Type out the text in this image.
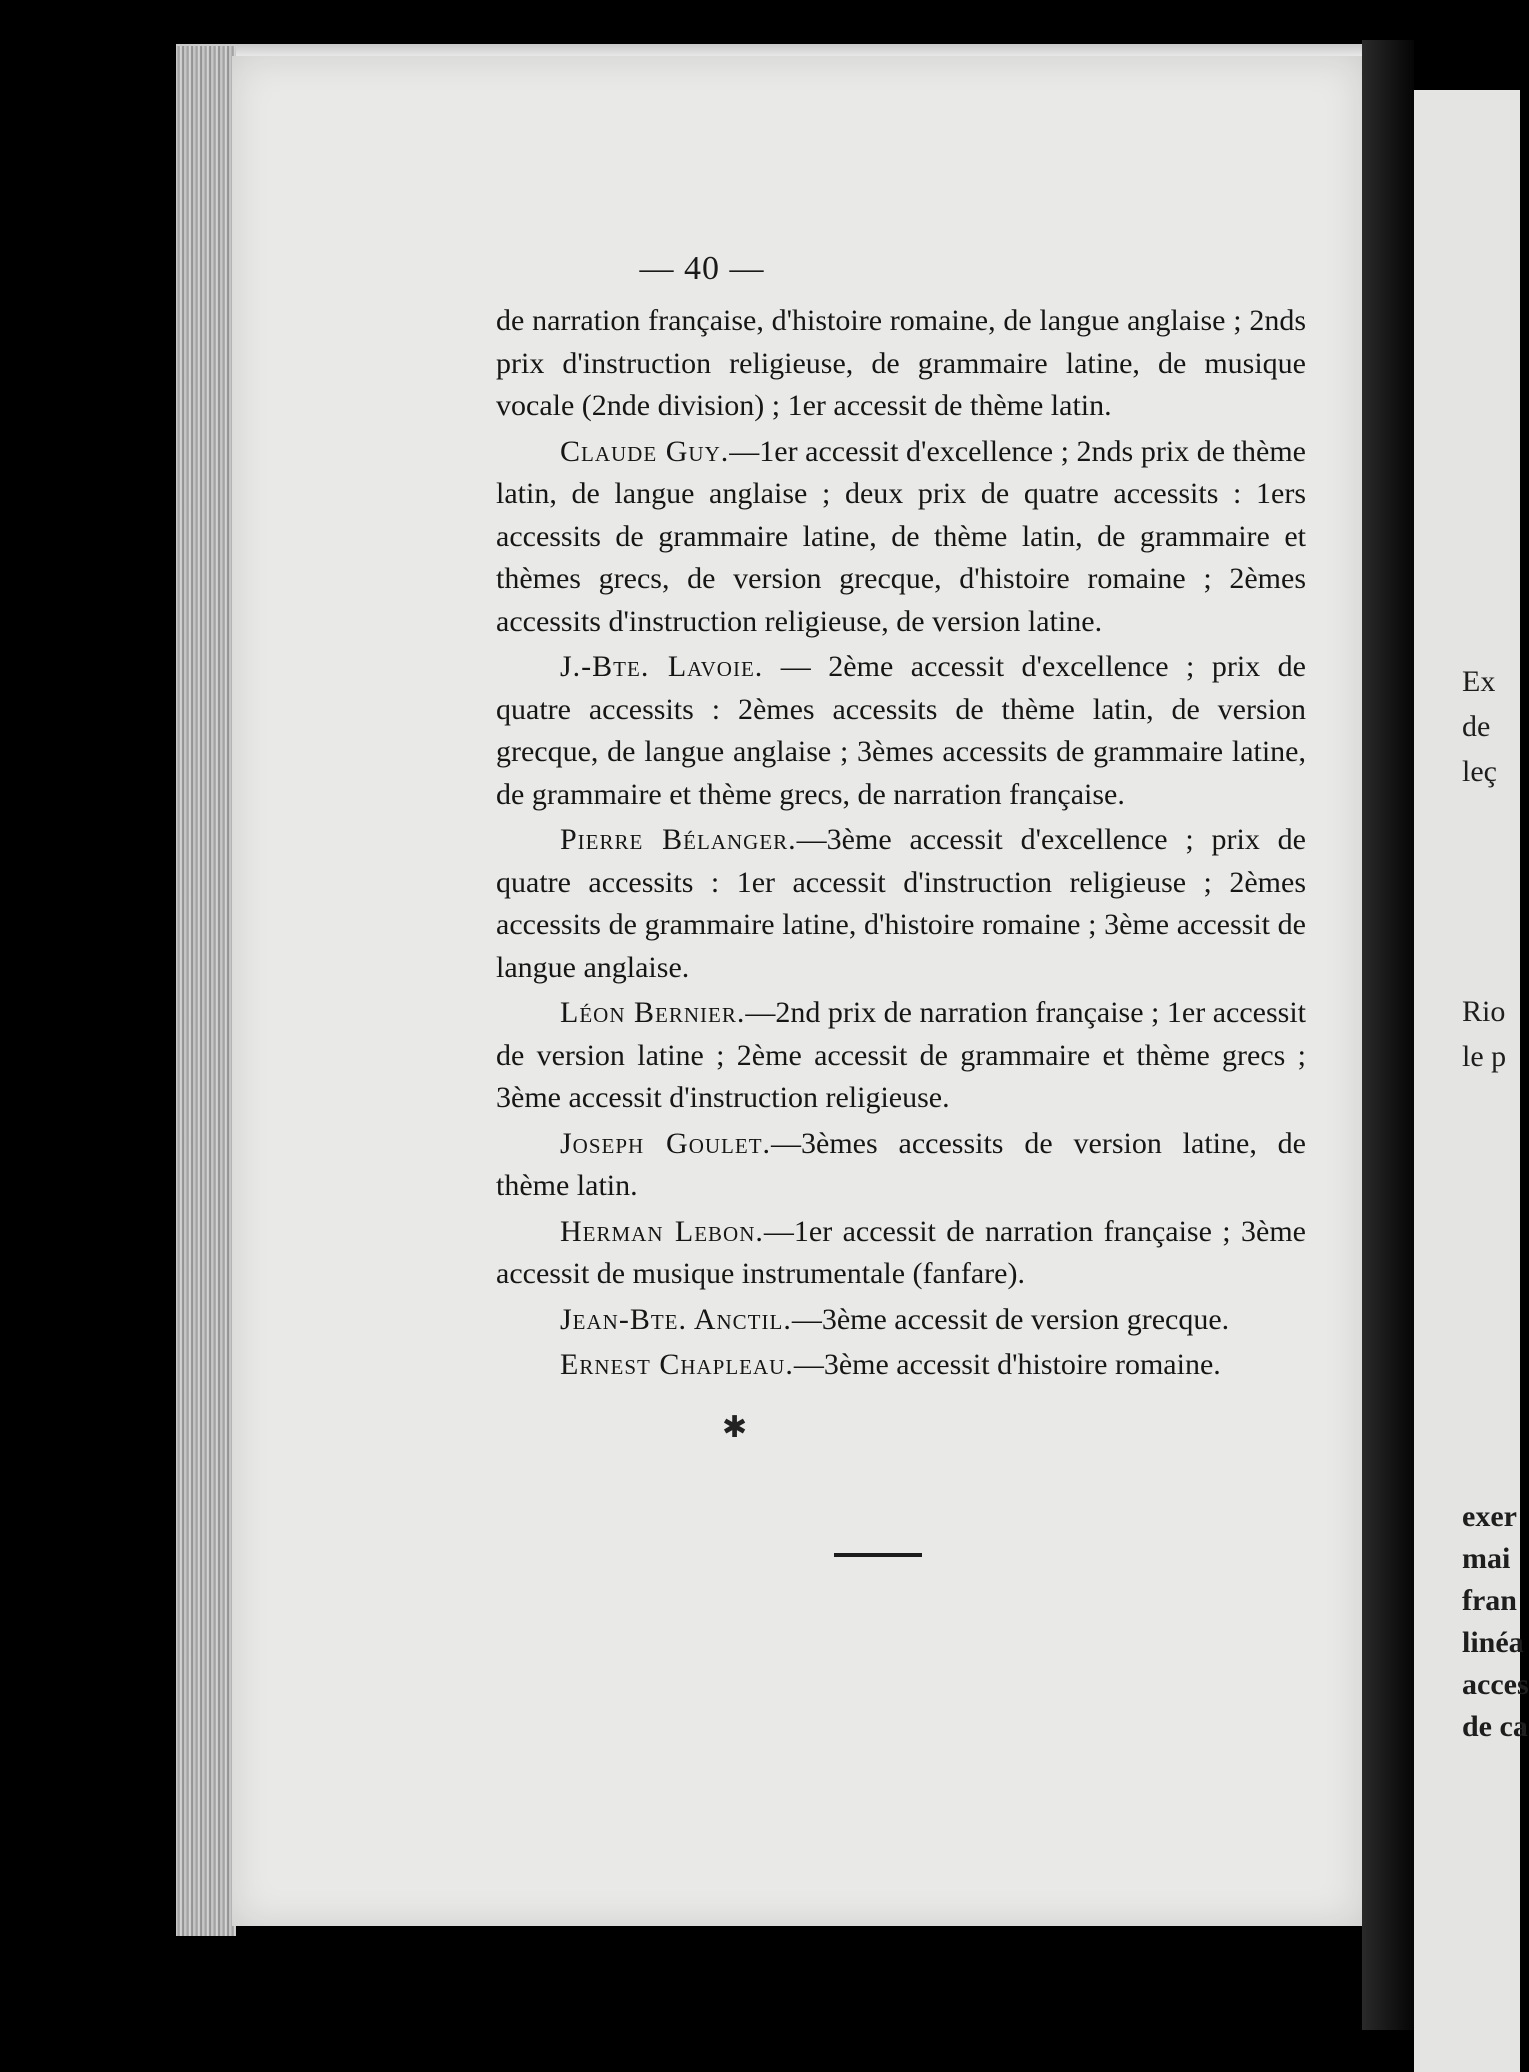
— 40 —

de narration française, d'histoire romaine, de langue anglaise ; 2nds prix d'instruction religieuse, de grammaire latine, de musique vocale (2nde division) ; 1er accessit de thème latin.

Claude Guy.—1er accessit d'excellence ; 2nds prix de thème latin, de langue anglaise ; deux prix de quatre accessits : 1ers accessits de grammaire latine, de thème latin, de grammaire et thèmes grecs, de version grecque, d'histoire romaine ; 2èmes accessits d'instruction religieuse, de version latine.

J.-Bte. Lavoie. — 2ème accessit d'excellence ; prix de quatre accessits : 2èmes accessits de thème latin, de version grecque, de langue anglaise ; 3èmes accessits de grammaire latine, de grammaire et thème grecs, de narration française.

Pierre Bélanger.—3ème accessit d'excellence ; prix de quatre accessits : 1er accessit d'instruction religieuse ; 2èmes accessits de grammaire latine, d'histoire romaine ; 3ème accessit de langue anglaise.

Léon Bernier.—2nd prix de narration française ; 1er accessit de version latine ; 2ème accessit de grammaire et thème grecs ; 3ème accessit d'instruction religieuse.

Joseph Goulet.—3èmes accessits de version latine, de thème latin.

Herman Lebon.—1er accessit de narration française ; 3ème accessit de musique instrumentale (fanfare).

Jean-Bte. Anctil.—3ème accessit de version grecque.

Ernest Chapleau.—3ème accessit d'histoire romaine.

✱
Ex
de
leç
Rio
le p
exer
mai
fran
linéa
acces
de ca
